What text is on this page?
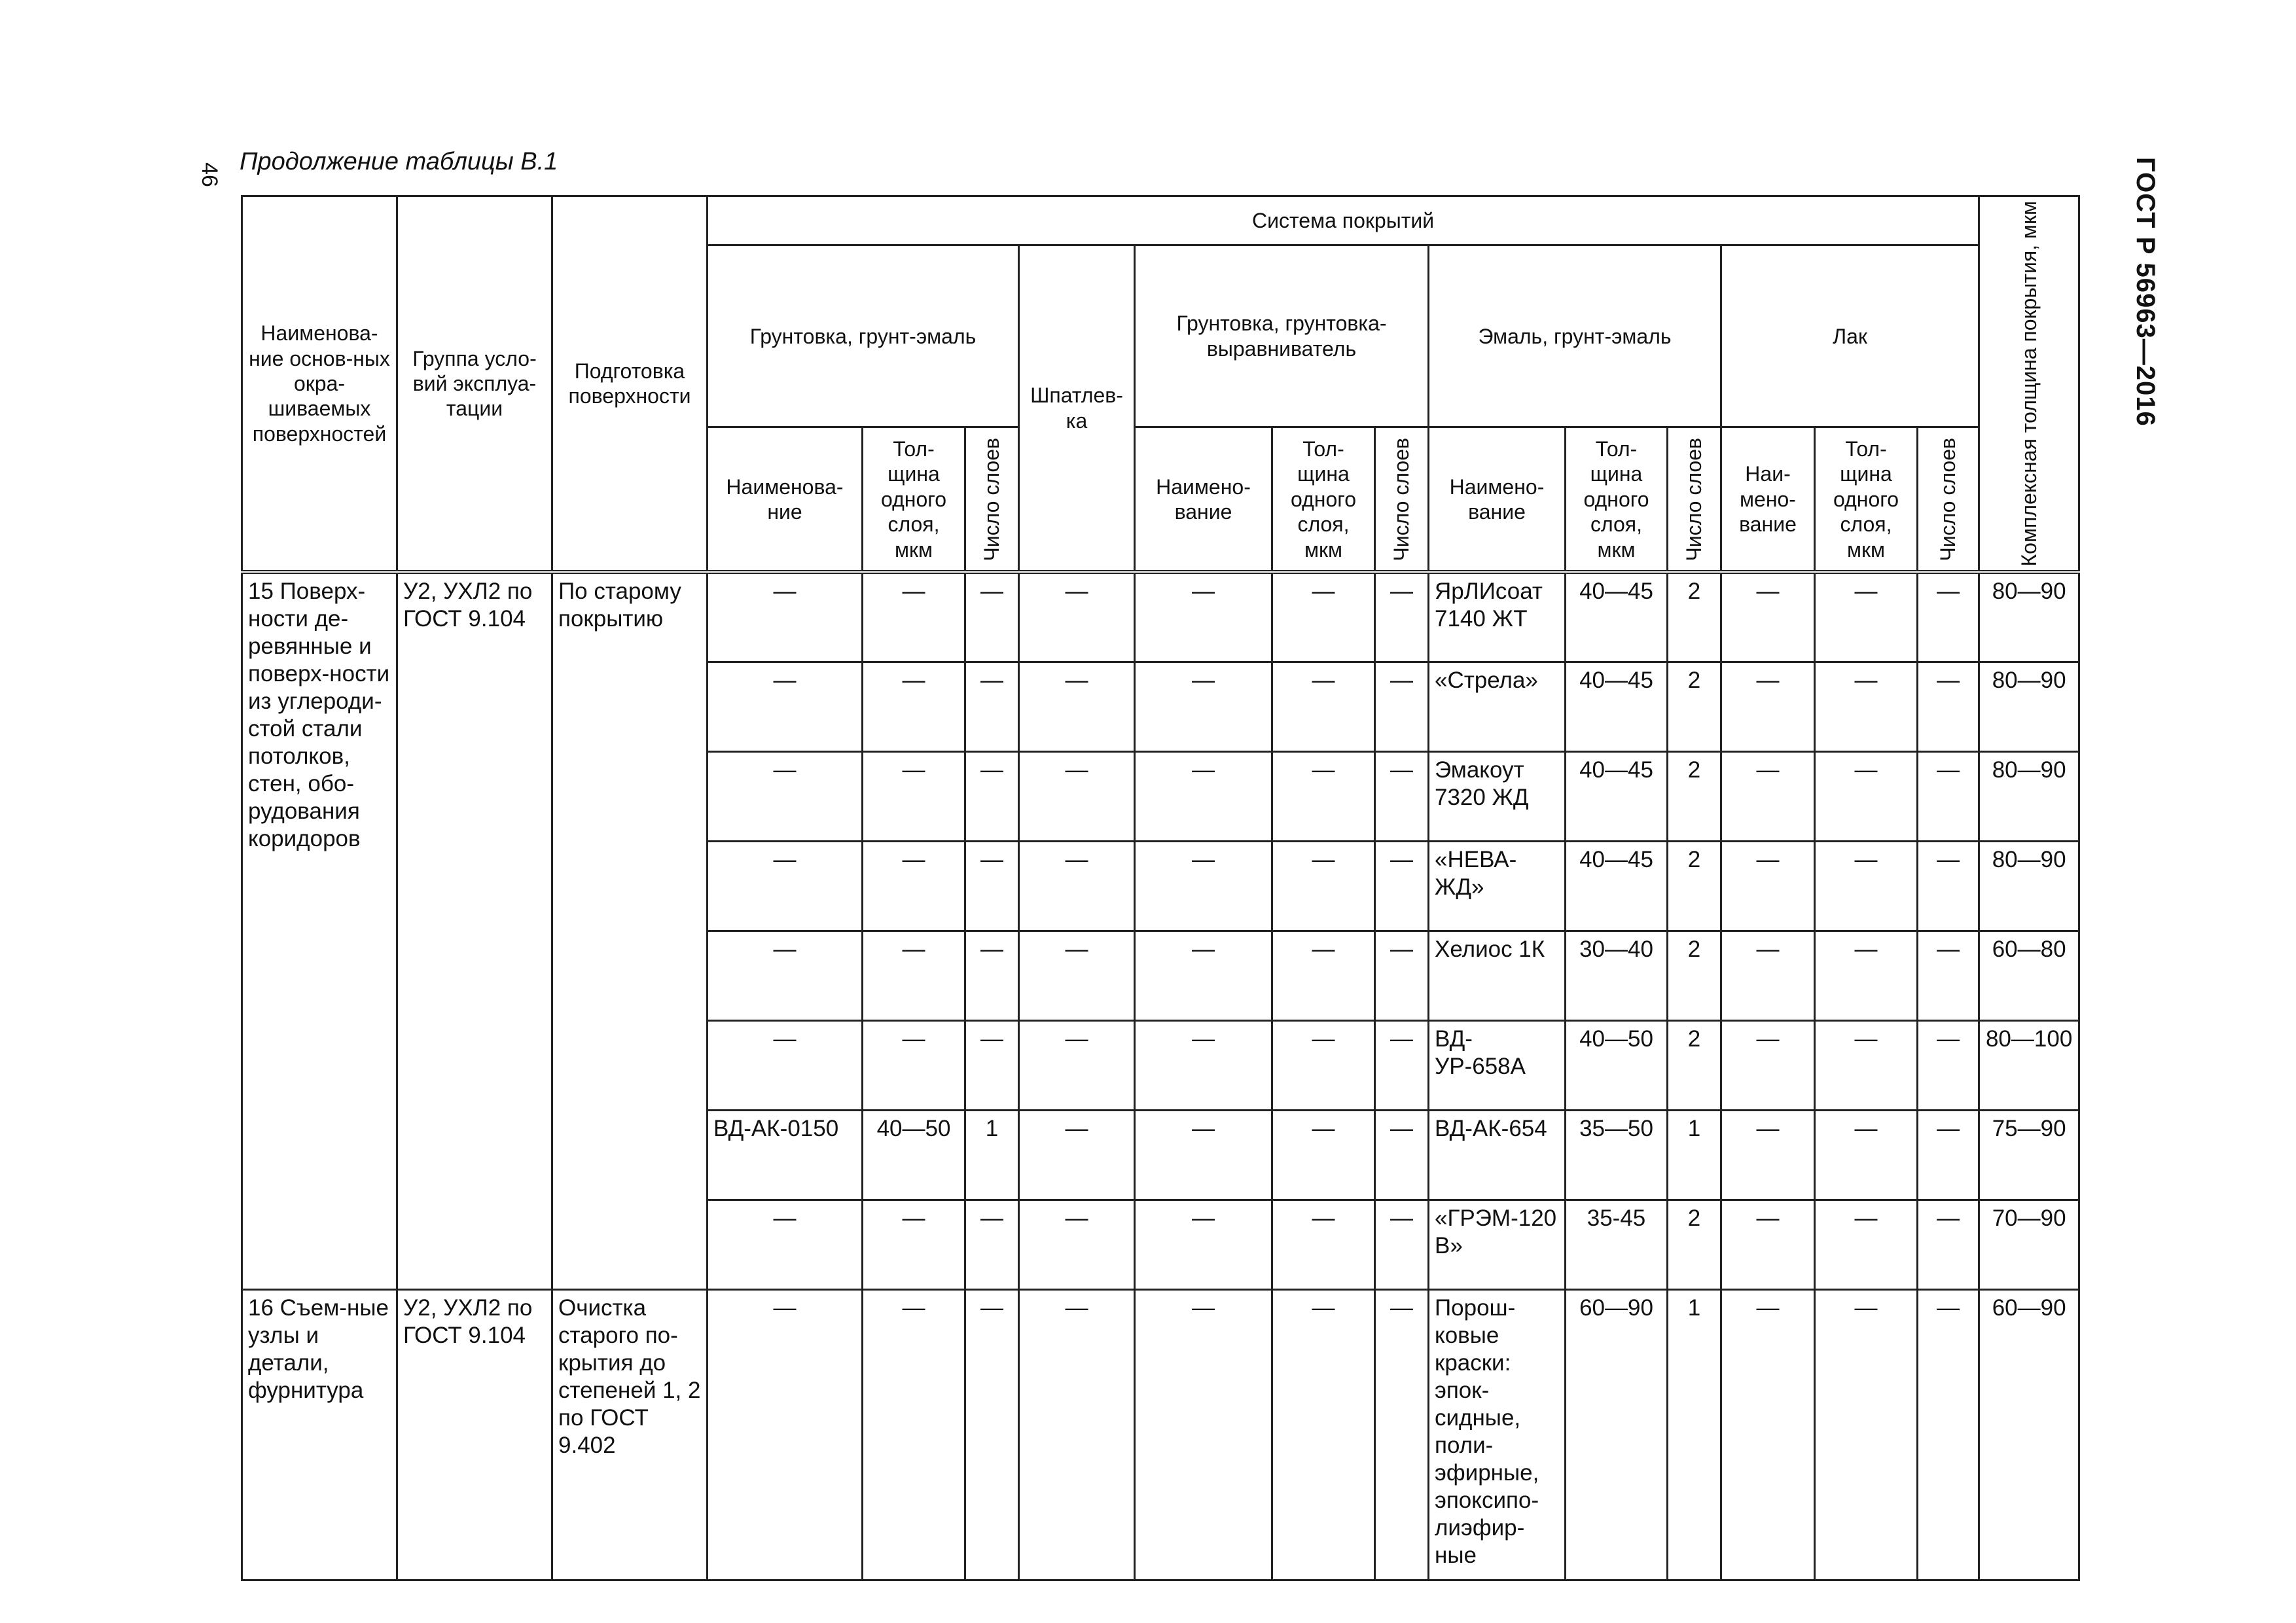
46 Продолжение таблицы В.1	ГОСТ Р 56963—2016
Наименова-ние основ-ных окра-шиваемых поверхностей	Группа усло-вий эксплуа-тации	Подготовка поверхности	Система покрытий													Комплексная толщина покрытия, мкм

			Грунтовка, грунт-эмаль			Шпатлев-ка	Грунтовка, грунтовка-выравниватель			Эмаль, грунт-эмаль			Лак			
			Наименова-ние	Тол-щина одного слоя, мкм	Число слоев		Наимено-вание	Тол-щина одного слоя, мкм	Число слоев	Наимено-вание	Тол-щина одного слоя, мкм	Число слоев	Наи-мено-вание	Тол-щина одного слоя, мкм	Число слоев	

15 Поверх-ности де-ревянные и поверх-ности из углероди-стой стали потолков, стен, обо-рудования коридоров	У2, УХЛ2 по ГОСТ 9.104	По старому покрытию	—	—	—	—	—	—	—	ЯрЛИсоат 7140 ЖТ	40—45	2	—	—	—	80—90
			—	—	—	—	—	—	—	«Стрела»	40—45	2	—	—	—	80—90
			—	—	—	—	—	—	—	Эмакоут 7320 ЖД	40—45	2	—	—	—	80—90
			—	—	—	—	—	—	—	«НЕВА-ЖД»	40—45	2	—	—	—	80—90
			—	—	—	—	—	—	—	Хелиос 1К	30—40	2	—	—	—	60—80
			—	—	—	—	—	—	—	ВД-УР-658А	40—50	2	—	—	—	80—100
			ВД-АК-0150	40—50	1	—	—	—	—	ВД-АК-654	35—50	1	—	—	—	75—90
			—	—	—	—	—	—	—	«ГРЭМ-120 В»	35-45	2	—	—	—	70—90
16 Съем-ные узлы и детали, фурнитура	У2, УХЛ2 по ГОСТ 9.104	Очистка старого по-крытия до степеней 1, 2 по ГОСТ 9.402	—	—	—	—	—	—	—	Порош-ковые краски: эпок-сидные, поли-эфирные, эпоксипо-лиэфир-ные	60—90	1	—	—	—	60—90
